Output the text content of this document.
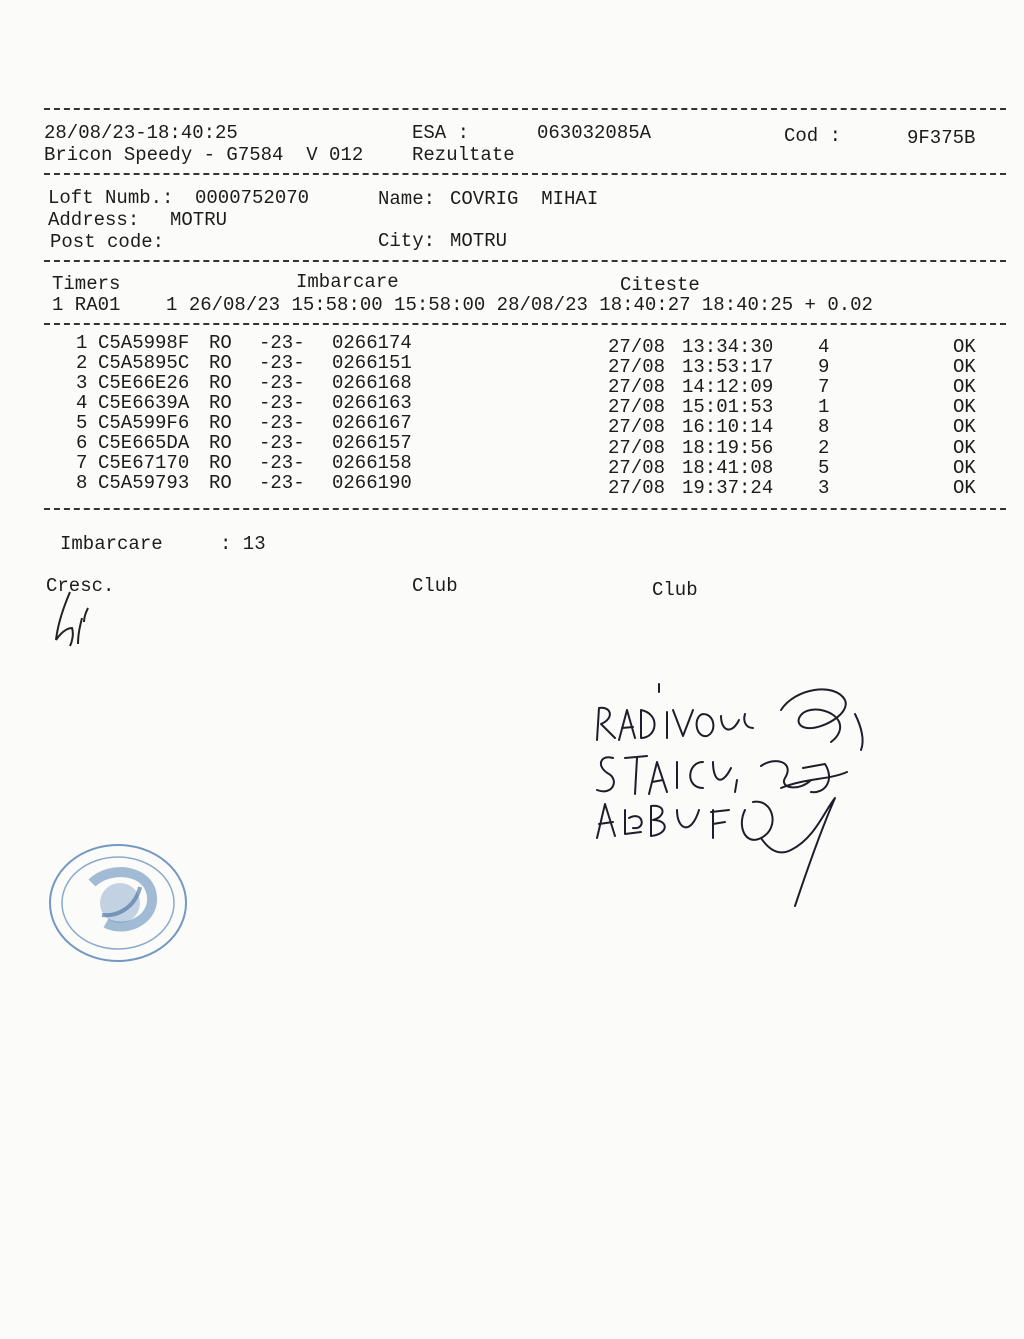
28/08/23-18:40:25	ESA :	063032085A	Cod :	9F375B
Bricon Speedy - G7584  V 012	Rezultate
Loft Numb.: 0000752070	Name: COVRIG  MIHAI
Address: MOTRU
Post code:	City: MOTRU
Timers	Imbarcare	Citeste
1 RA01    1 26/08/23 15:58:00 15:58:00 28/08/23 18:40:27 18:40:25 + 0.02
1 C5A5998F RO -23- 0266174	27/08 13:34:30 4	OK
2 C5A5895C RO -23- 0266151	27/08 13:53:17 9	OK
3 C5E66E26 RO -23- 0266168	27/08 14:12:09 7	OK
4 C5E6639A RO -23- 0266163	27/08 15:01:53 1	OK
5 C5A599F6 RO -23- 0266167	27/08 16:10:14 8	OK
6 C5E665DA RO -23- 0266157	27/08 18:19:56 2	OK
7 C5E67170 RO -23- 0266158	27/08 18:41:08 5	OK
8 C5A59793 RO -23- 0266190	27/08 19:37:24 3	OK
Imbarcare	: 13
Cresc.	Club	Club
